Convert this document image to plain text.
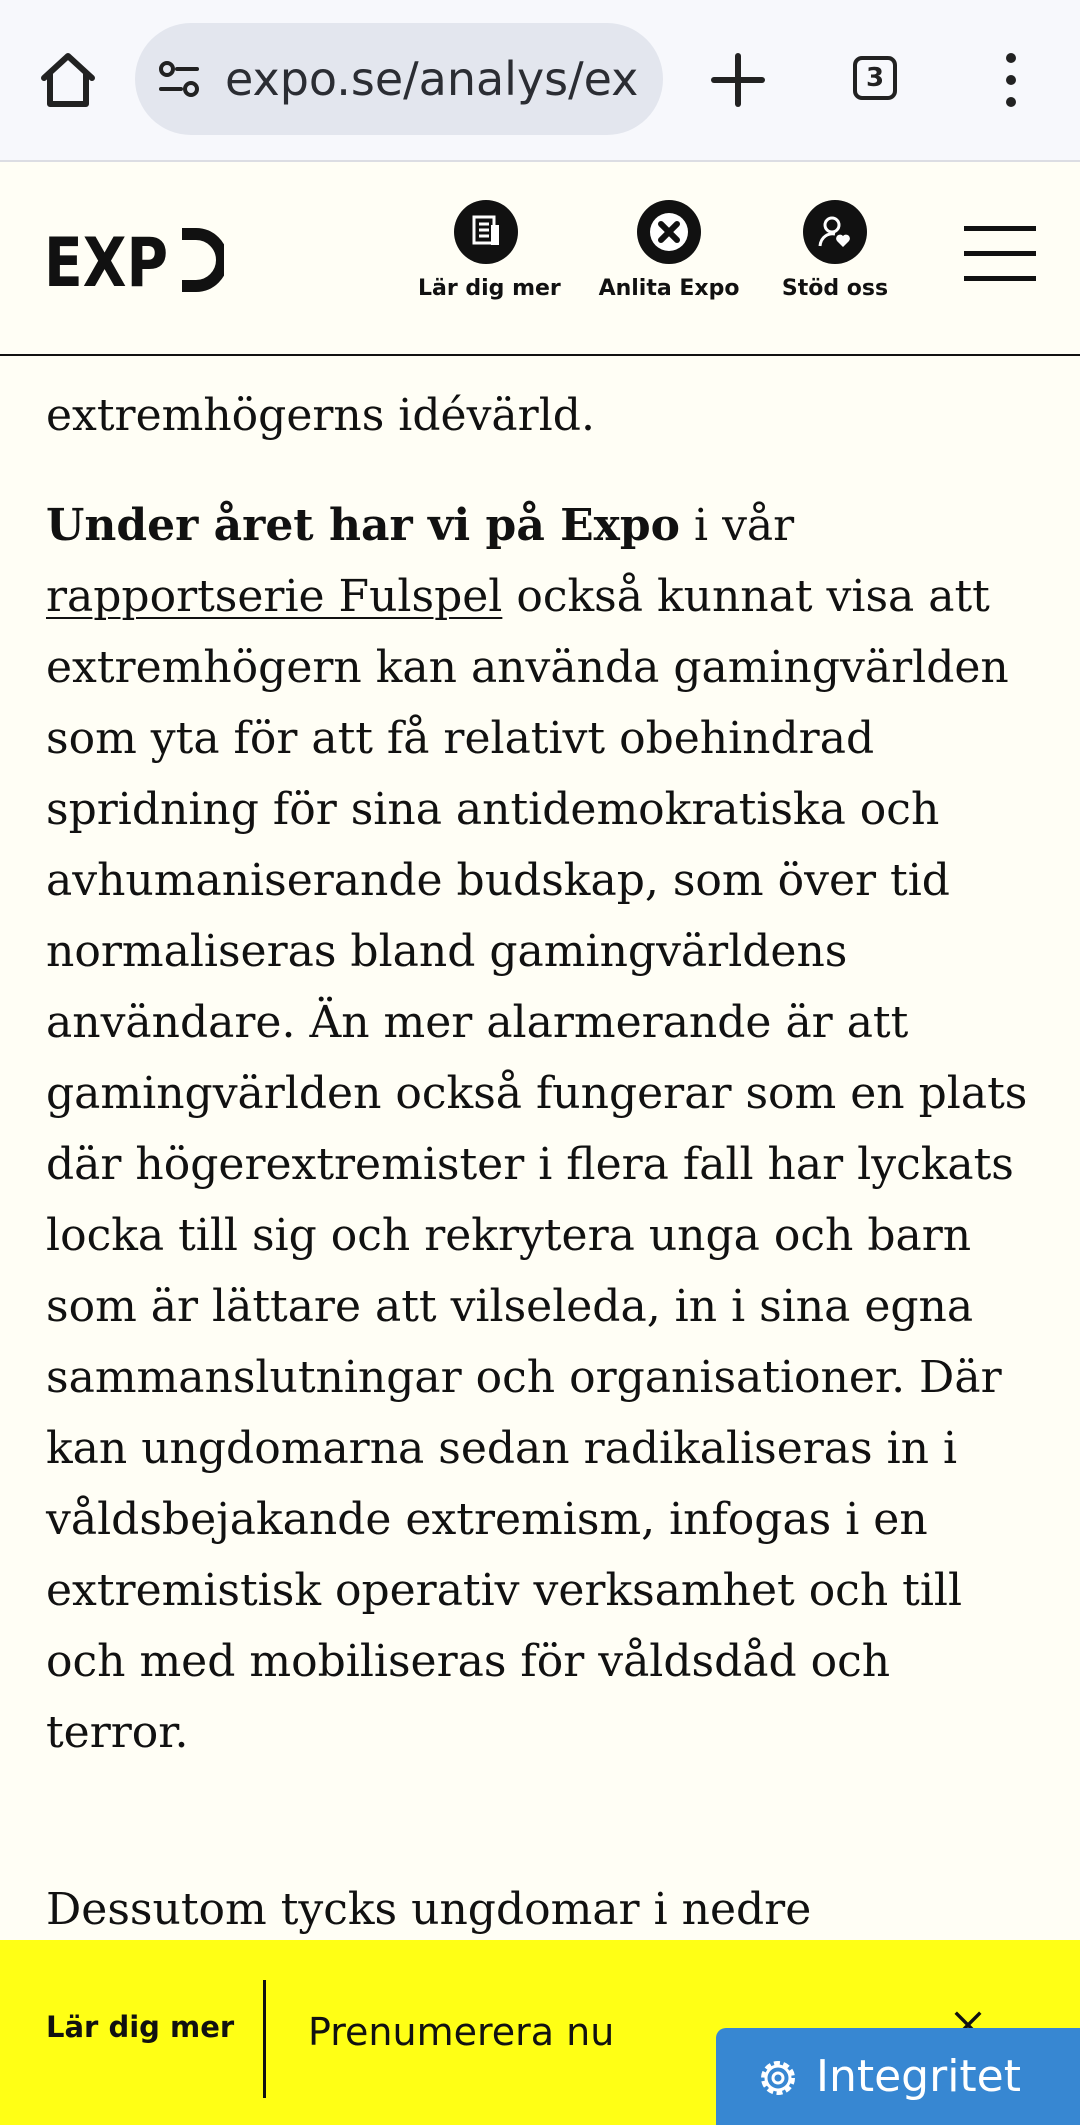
expo.se/analys/ex	3
EXP	Lär dig mer Anlita Expo Stöd oss

extremhögerns idévärld.

Under året har vi på Expo i vår rapportserie Fulspel också kunnat visa att extremhögern kan använda gamingvärlden som yta för att få relativt obehindrad spridning för sina antidemokratiska och avhumaniserande budskap, som över tid normaliseras bland gamingvärldens användare. Än mer alarmerande är att gamingvärlden också fungerar som en plats där högerextremister i flera fall har lyckats locka till sig och rekrytera unga och barn som är lättare att vilseleda, in i sina egna sammanslutningar och organisationer. Där kan ungdomarna sedan radikaliseras in i våldsbejakande extremism, infogas i en extremistisk operativ verksamhet och till och med mobiliseras för våldsdåd och terror.

Dessutom tycks ungdomar i nedre

Lär dig mer Prenumerera nu
Integritet
